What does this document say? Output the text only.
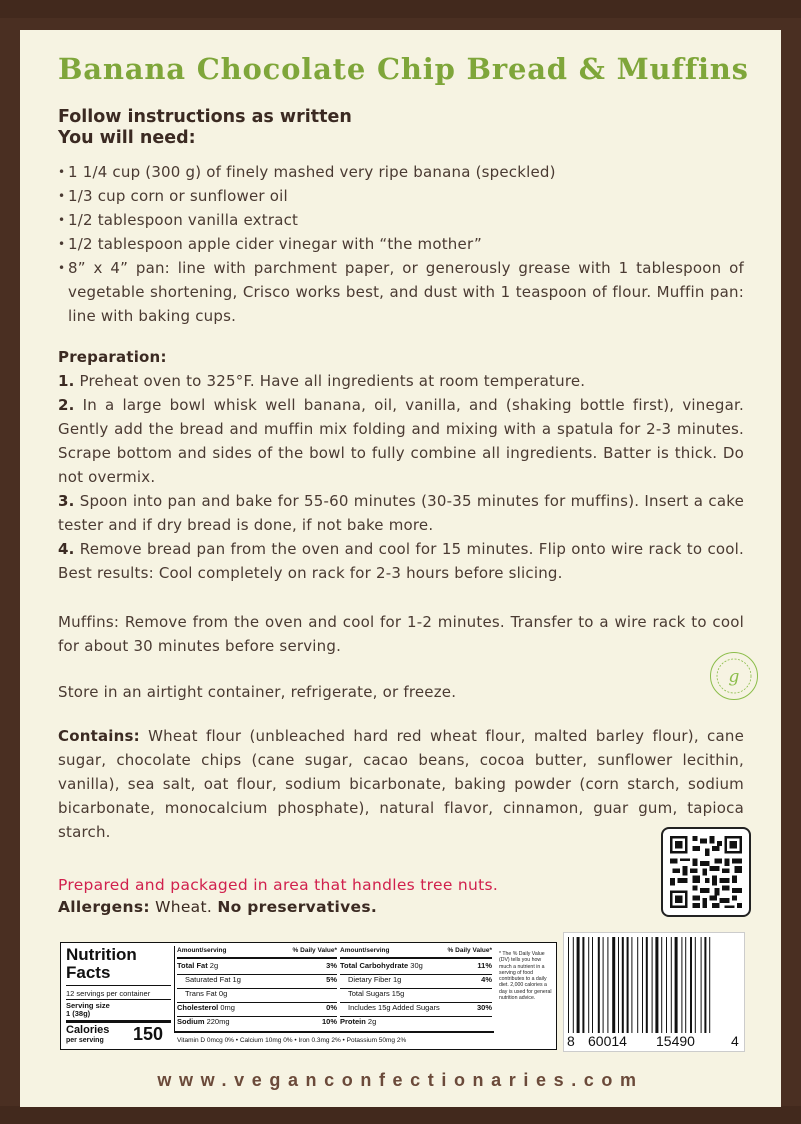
Banana Chocolate Chip Bread & Muffins
Follow instructions as written
You will need:
• 1 1/4 cup (300 g) of finely mashed very ripe banana (speckled)
• 1/3 cup corn or sunflower oil
• 1/2 tablespoon vanilla extract
• 1/2 tablespoon apple cider vinegar with “the mother”
• 8” x 4” pan: line with parchment paper, or generously grease with 1 tablespoon of vegetable shortening, Crisco works best, and dust with 1 teaspoon of flour. Muffin pan: line with baking cups.
Preparation:

1. Preheat oven to 325°F. Have all ingredients at room temperature.

2. In a large bowl whisk well banana, oil, vanilla, and (shaking bottle first), vinegar. Gently add the bread and muffin mix folding and mixing with a spatula for 2-3 minutes. Scrape bottom and sides of the bowl to fully combine all ingredients. Batter is thick. Do not overmix.

3. Spoon into pan and bake for 55-60 minutes (30-35 minutes for muffins). Insert a cake tester and if dry bread is done, if not bake more.

4. Remove bread pan from the oven and cool for 15 minutes. Flip onto wire rack to cool. Best results: Cool completely on rack for 2-3 hours before slicing.

Muffins: Remove from the oven and cool for 1-2 minutes. Transfer to a wire rack to cool for about 30 minutes before serving.
Store in an airtight container, refrigerate, or freeze.
Contains: Wheat flour (unbleached hard red wheat flour, malted barley flour), cane sugar, chocolate chips (cane sugar, cacao beans, cocoa butter, sunflower lecithin, vanilla), sea salt, oat flour, sodium bicarbonate, baking powder (corn starch, sodium bicarbonate, monocalcium phosphate), natural flavor, cinnamon, guar gum, tapioca starch.
g
Prepared and packaged in area that handles tree nuts.
Allergens: Wheat. No preservatives.
Nutrition
Facts
12 servings per container
Serving size
1 (38g)
Calories
per serving 150
Amount/serving	% Daily Value*
Total Fat 2g	3%
Saturated Fat 1g	5%
Trans Fat 0g
Cholesterol 0mg	0%
Sodium 220mg	10%
Amount/serving	% Daily Value*
Total Carbohydrate 30g	11%
Dietary Fiber 1g	4%
Total Sugars 15g
Includes 15g Added Sugars	30%
Protein 2g
Vitamin D 0mcg 0% • Calcium 10mg 0% • Iron 0.3mg 2% • Potassium 50mg 2%
* The % Daily Value (DV) tells you how much a nutrient in a serving of food contributes to a daily diet. 2,000 calories a day is used for general nutrition advice.
8 60014 15490	4
www.veganconfectionaries.com
